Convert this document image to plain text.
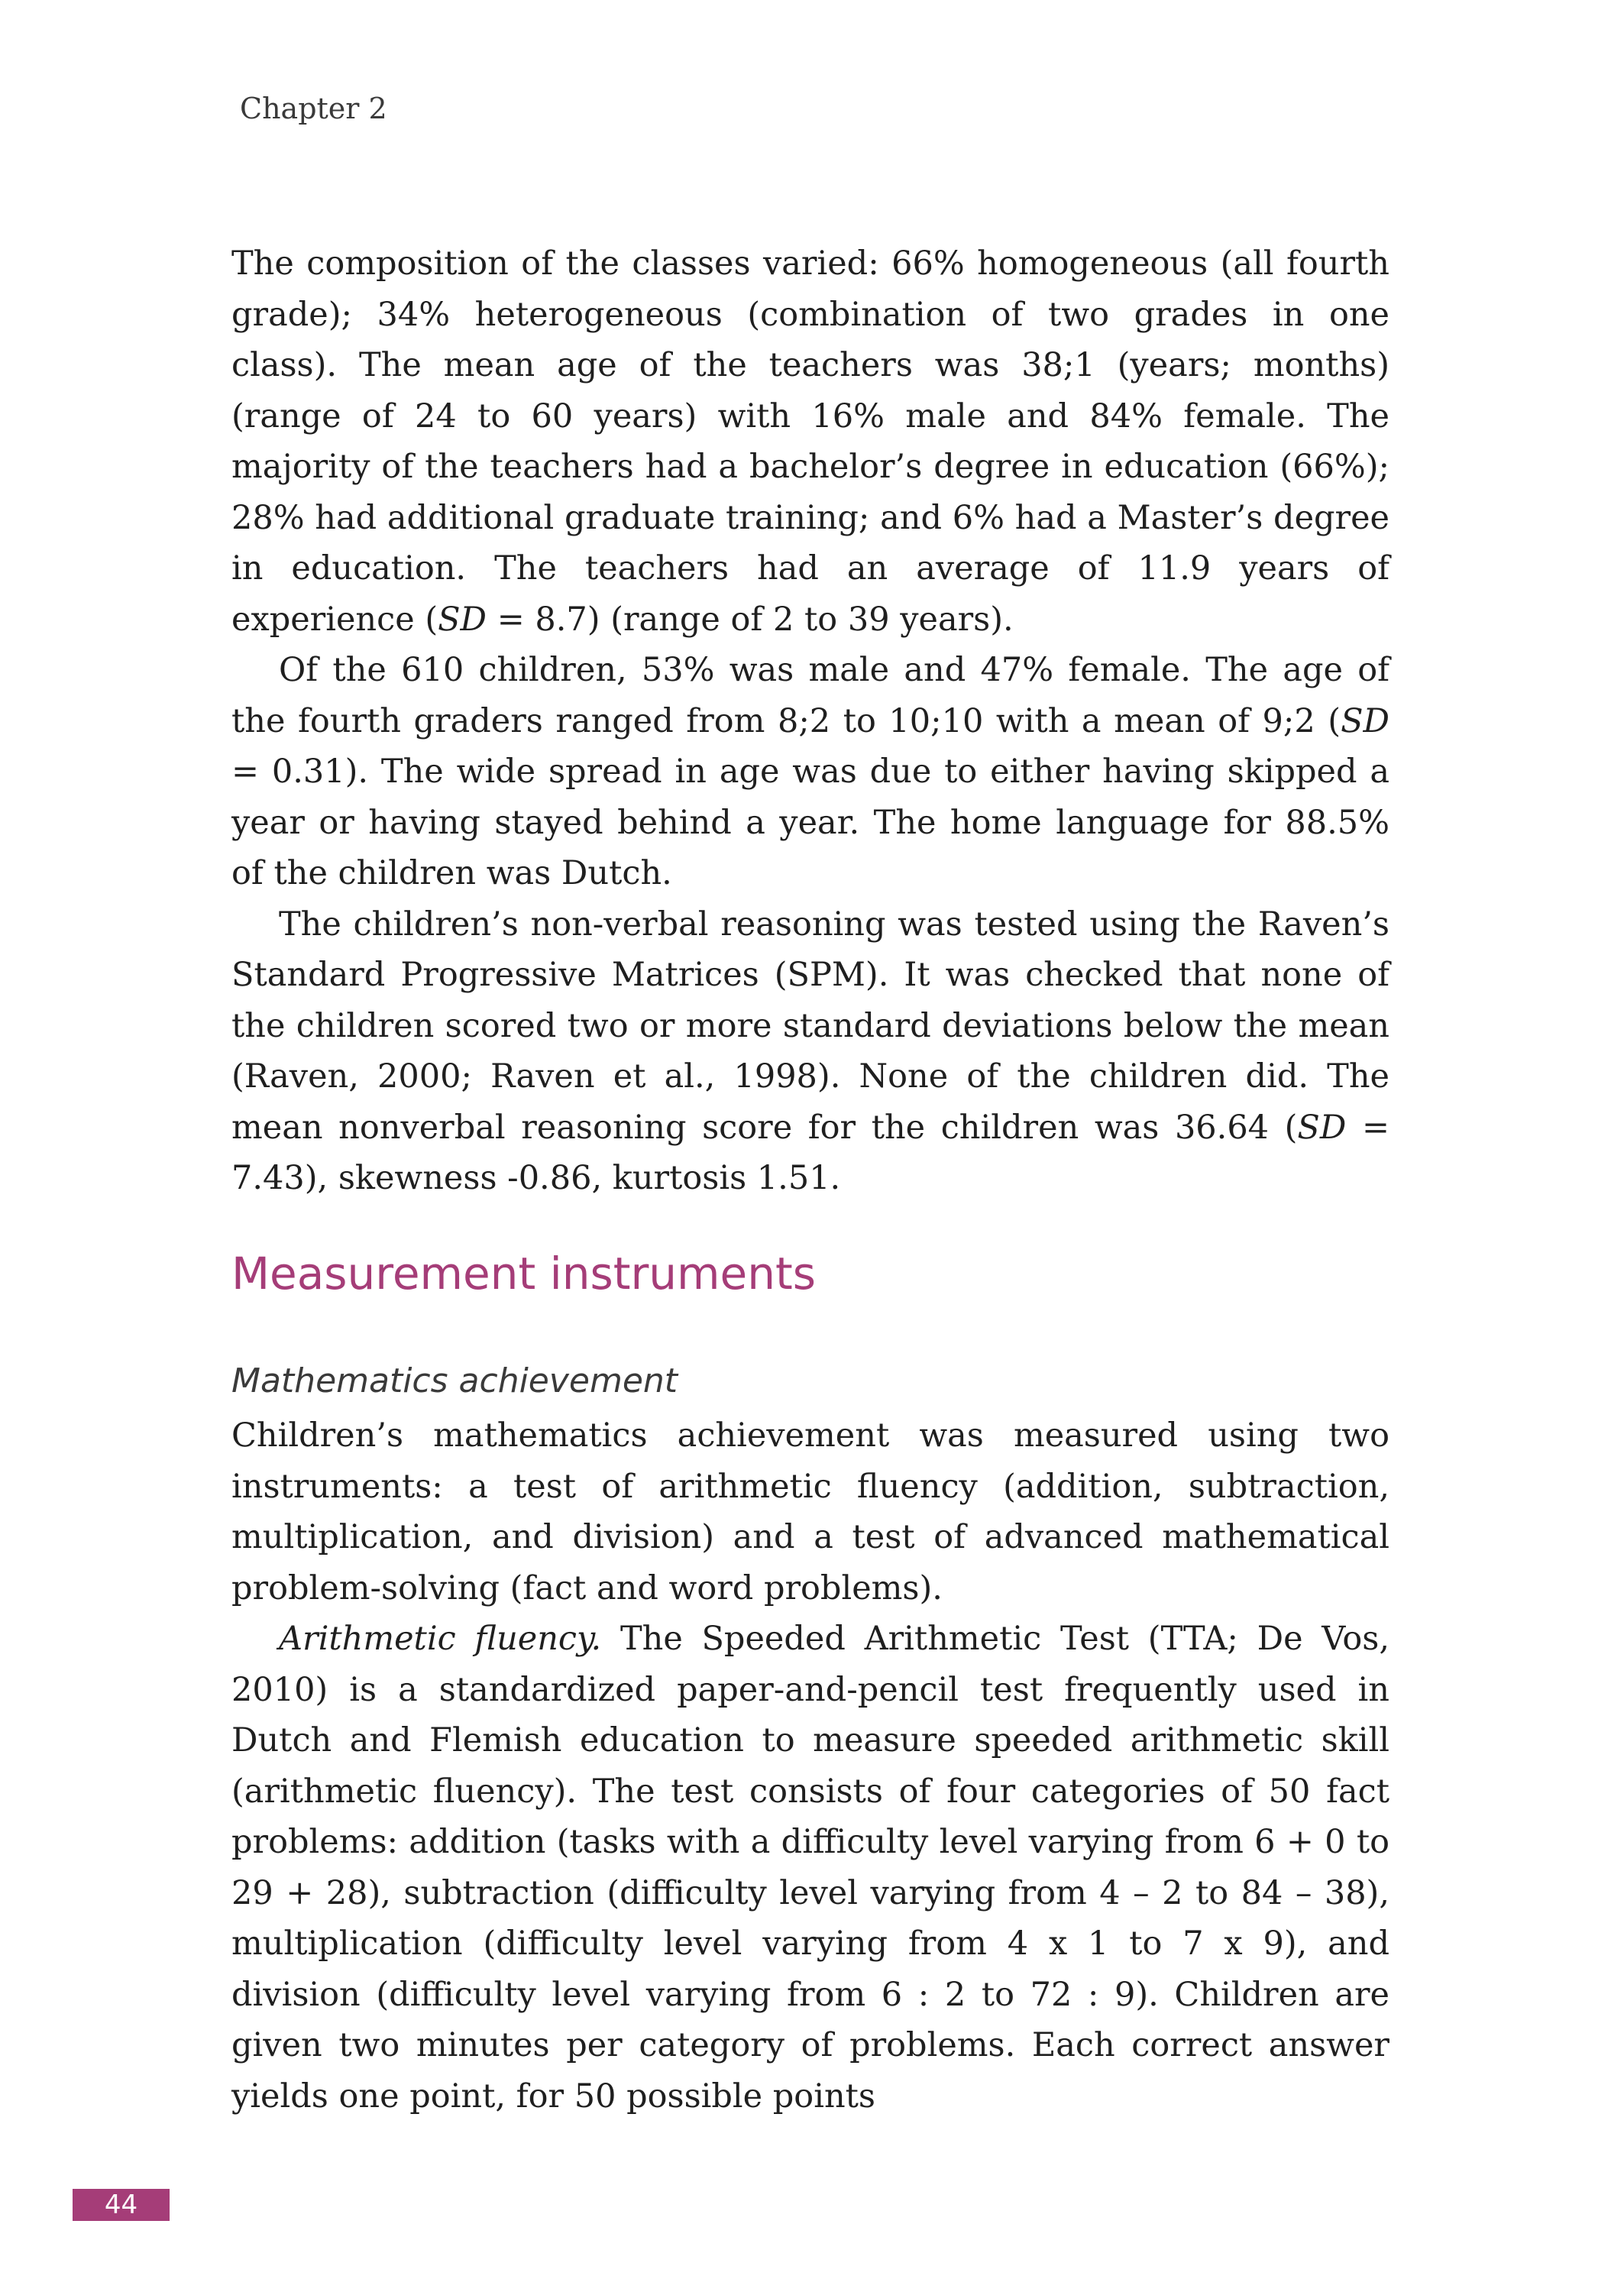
Chapter 2

The composition of the classes varied: 66% homogeneous (all fourth grade); 34% heterogeneous (combination of two grades in one class). The mean age of the teachers was 38;1 (years; months) (range of 24 to 60 years) with 16% male and 84% female. The majority of the teachers had a bachelor’s degree in education (66%); 28% had additional graduate training; and 6% had a Master’s degree in education. The teachers had an average of 11.9 years of experience (SD = 8.7) (range of 2 to 39 years).

Of the 610 children, 53% was male and 47% female. The age of the fourth graders ranged from 8;2 to 10;10 with a mean of 9;2 (SD = 0.31). The wide spread in age was due to either having skipped a year or having stayed behind a year. The home language for 88.5% of the children was Dutch.

The children’s non-verbal reasoning was tested using the Raven’s Standard Progressive Matrices (SPM). It was checked that none of the children scored two or more standard deviations below the mean (Raven, 2000; Raven et al., 1998). None of the children did. The mean nonverbal reasoning score for the children was 36.64 (SD = 7.43), skewness -0.86, kurtosis 1.51.

Measurement instruments
Mathematics achievement

Children’s mathematics achievement was measured using two instruments: a test of arithmetic fluency (addition, subtraction, multiplication, and division) and a test of advanced mathematical problem-solving (fact and word problems).

Arithmetic fluency. The Speeded Arithmetic Test (TTA; De Vos, 2010) is a standardized paper-and-pencil test frequently used in Dutch and Flemish education to measure speeded arithmetic skill (arithmetic fluency). The test consists of four categories of 50 fact problems: addition (tasks with a difficulty level varying from 6 + 0 to 29 + 28), subtraction (difficulty level varying from 4 – 2 to 84 – 38), multiplication (difficulty level varying from 4 x 1 to 7 x 9), and division (difficulty level varying from 6 : 2 to 72 : 9). Children are given two minutes per category of problems. Each correct answer yields one point, for 50 possible points

44
